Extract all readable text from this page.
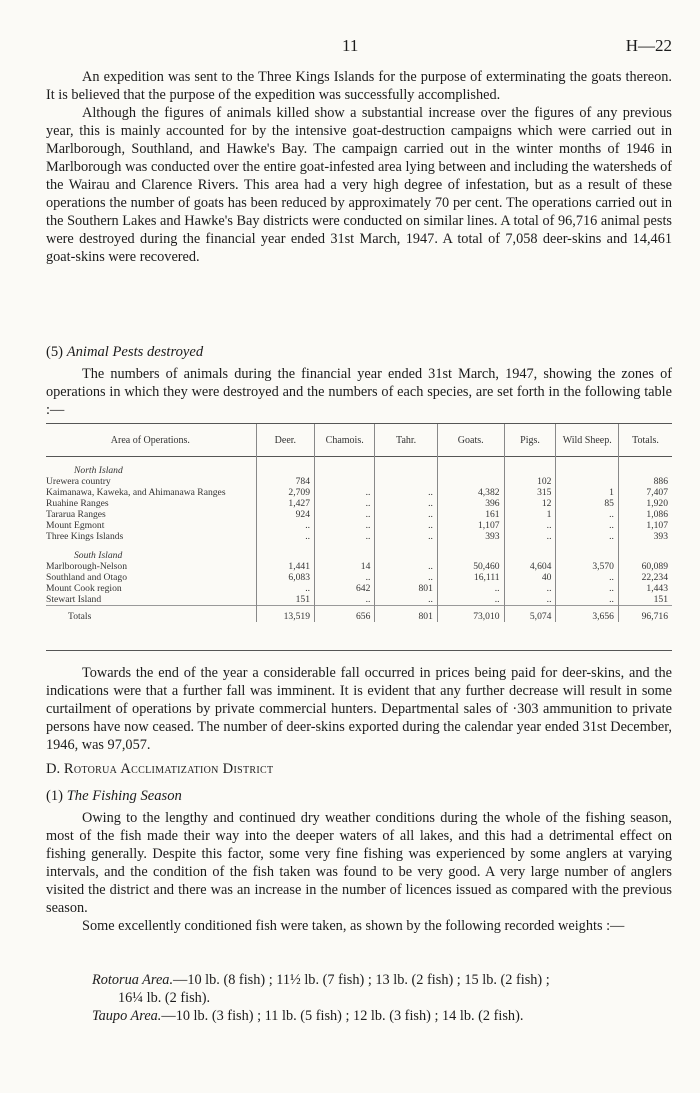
11	H—22

An expedition was sent to the Three Kings Islands for the purpose of exterminating the goats thereon. It is believed that the purpose of the expedition was successfully accomplished.

Although the figures of animals killed show a substantial increase over the figures of any previous year, this is mainly accounted for by the intensive goat-destruction campaigns which were carried out in Marlborough, Southland, and Hawke's Bay. The campaign carried out in the winter months of 1946 in Marlborough was conducted over the entire goat-infested area lying between and including the watersheds of the Wairau and Clarence Rivers. This area had a very high degree of infestation, but as a result of these operations the number of goats has been reduced by approximately 70 per cent. The operations carried out in the Southern Lakes and Hawke's Bay districts were conducted on similar lines. A total of 96,716 animal pests were destroyed during the financial year ended 31st March, 1947. A total of 7,058 deer-skins and 14,461 goat-skins were recovered.

(5) Animal Pests destroyed

The numbers of animals during the financial year ended 31st March, 1947, showing the zones of operations in which they were destroyed and the numbers of each species, are set forth in the following table :—

Area of Operations.	Deer.	Chamois.	Tahr.	Goats.	Pigs.	Wild Sheep.	Totals.
North Island							
Urewera country	784				102		886
Kaimanawa, Kaweka, and Ahimanawa Ranges	2,709	..	..	4,382	315	1	7,407
Ruahine Ranges	1,427	..	..	396	12	85	1,920
Tararua Ranges	924	..	..	161	1	..	1,086
Mount Egmont	..	..	..	1,107	..	..	1,107
Three Kings Islands	..	..	..	393	..	..	393
South Island							
Marlborough-Nelson	1,441	14	..	50,460	4,604	3,570	60,089
Southland and Otago	6,083	..	..	16,111	40	..	22,234
Mount Cook region	..	642	801	..	..	..	1,443
Stewart Island	151	..	..	..	..	..	151
Totals	13,519	656	801	73,010	5,074	3,656	96,716

Towards the end of the year a considerable fall occurred in prices being paid for deer-skins, and the indications were that a further fall was imminent. It is evident that any further decrease will result in some curtailment of operations by private commercial hunters. Departmental sales of ·303 ammunition to private persons have now ceased. The number of deer-skins exported during the calendar year ended 31st December, 1946, was 97,057.

D. Rotorua Acclimatization District
(1) The Fishing Season

Owing to the lengthy and continued dry weather conditions during the whole of the fishing season, most of the fish made their way into the deeper waters of all lakes, and this had a detrimental effect on fishing generally. Despite this factor, some very fine fishing was experienced by some anglers at varying intervals, and the condition of the fish taken was found to be very good. A very large number of anglers visited the district and there was an increase in the number of licences issued as compared with the previous season.

Some excellently conditioned fish were taken, as shown by the following recorded weights :—

Rotorua Area.—10 lb. (8 fish) ; 11½ lb. (7 fish) ; 13 lb. (2 fish) ; 15 lb. (2 fish) ;
16¼ lb. (2 fish).
Taupo Area.—10 lb. (3 fish) ; 11 lb. (5 fish) ; 12 lb. (3 fish) ; 14 lb. (2 fish).
